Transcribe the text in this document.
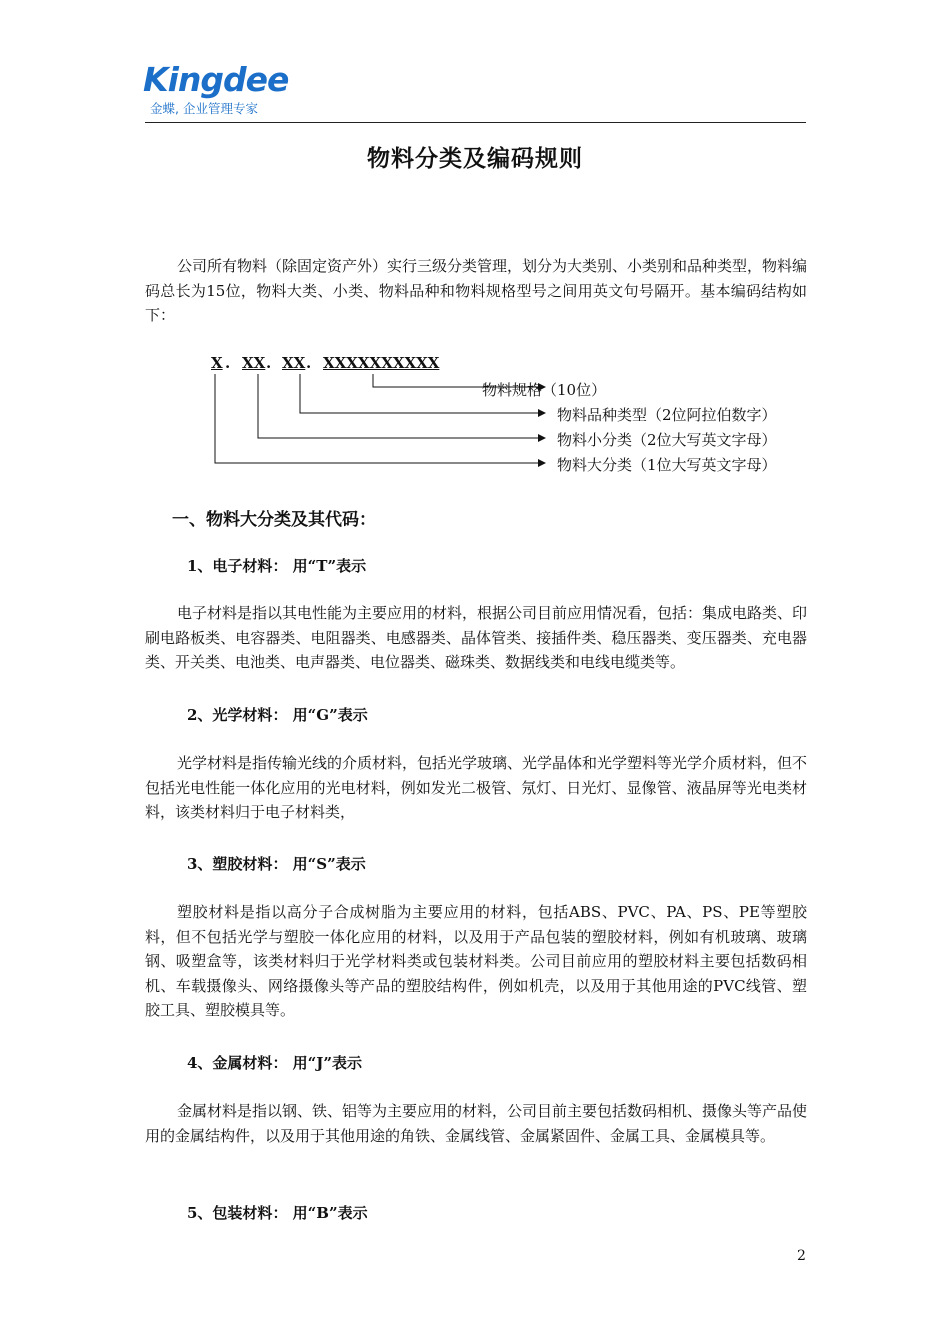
Kingdee
金蝶, 企业管理专家
物料分类及编码规则

公司所有物料（除固定资产外）实行三级分类管理，划分为大类别、小类别和品种类型，物料编码总长为15位，物料大类、小类、物料品种和物料规格型号之间用英文句号隔开。基本编码结构如下：

X . XX . XX . XXXXXXXXXX
物料规格（10位）
物料品种类型（2位阿拉伯数字）
物料小分类（2位大写英文字母）
物料大分类（1位大写英文字母）
一、物料大分类及其代码：
1、电子材料： 用“T”表示

电子材料是指以其电性能为主要应用的材料，根据公司目前应用情况看，包括：集成电路类、印刷电路板类、电容器类、电阻器类、电感器类、晶体管类、接插件类、稳压器类、变压器类、充电器类、开关类、电池类、电声器类、电位器类、磁珠类、数据线类和电线电缆类等。

2、光学材料： 用“G”表示

光学材料是指传输光线的介质材料，包括光学玻璃、光学晶体和光学塑料等光学介质材料，但不包括光电性能一体化应用的光电材料，例如发光二极管、氖灯、日光灯、显像管、液晶屏等光电类材料，该类材料归于电子材料类，

3、塑胶材料： 用“S”表示

塑胶材料是指以高分子合成树脂为主要应用的材料，包括ABS、PVC、PA、PS、PE等塑胶料，但不包括光学与塑胶一体化应用的材料，以及用于产品包装的塑胶材料，例如有机玻璃、玻璃钢、吸塑盒等，该类材料归于光学材料类或包装材料类。公司目前应用的塑胶材料主要包括数码相机、车载摄像头、网络摄像头等产品的塑胶结构件，例如机壳，以及用于其他用途的PVC线管、塑胶工具、塑胶模具等。

4、金属材料： 用“J”表示

金属材料是指以钢、铁、铝等为主要应用的材料，公司目前主要包括数码相机、摄像头等产品使用的金属结构件，以及用于其他用途的角铁、金属线管、金属紧固件、金属工具、金属模具等。

5、包装材料： 用“B”表示
2
